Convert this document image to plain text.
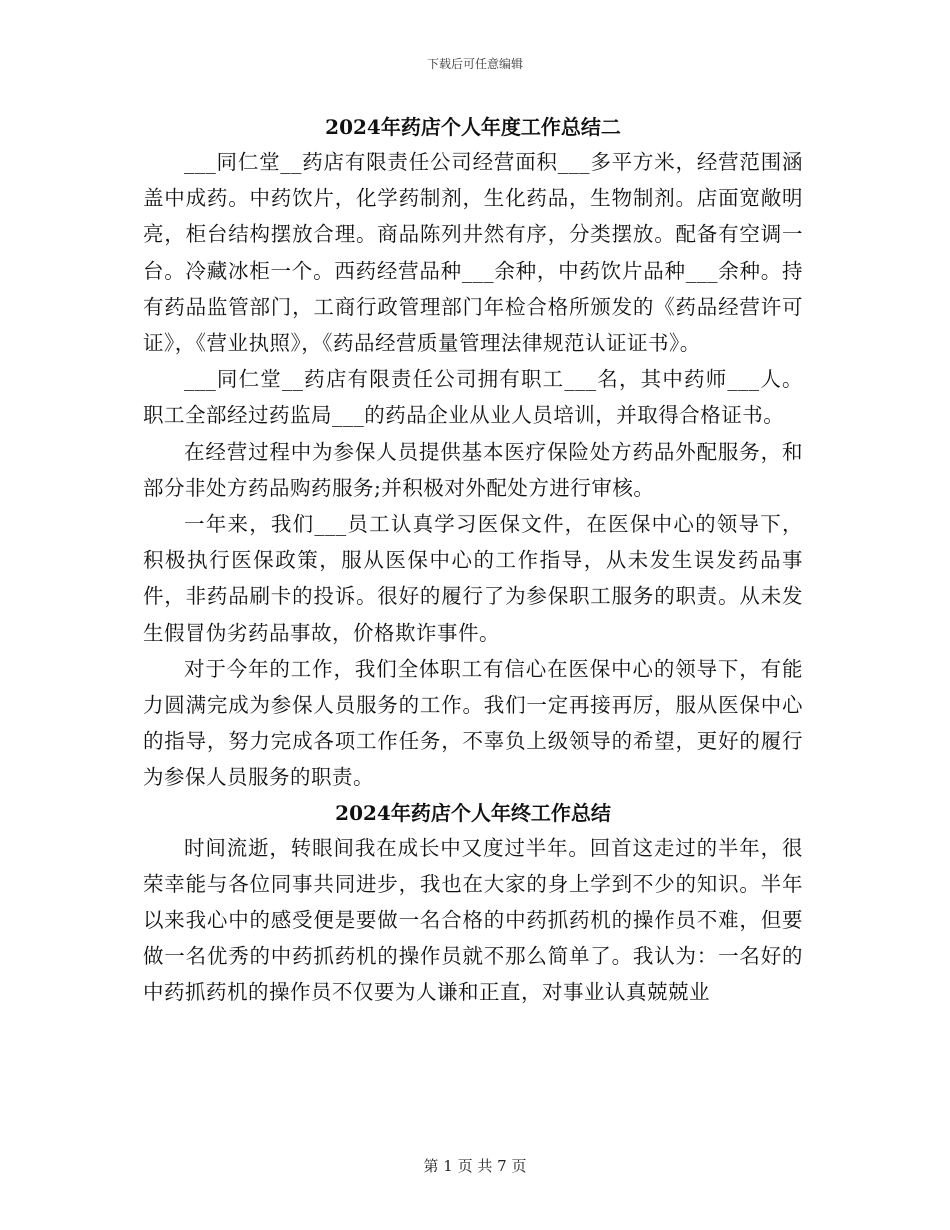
下载后可任意编辑
2024年药店个人年度工作总结二

___同仁堂__药店有限责任公司经营面积___多平方米，经营范围涵盖中成药。中药饮片，化学药制剂，生化药品，生物制剂。店面宽敞明亮，柜台结构摆放合理。商品陈列井然有序，分类摆放。配备有空调一台。冷藏冰柜一个。西药经营品种___余种，中药饮片品种___余种。持有药品监管部门，工商行政管理部门年检合格所颁发的《药品经营许可证》，《营业执照》，《药品经营质量管理法律规范认证证书》。

___同仁堂__药店有限责任公司拥有职工___名，其中药师___人。职工全部经过药监局___的药品企业从业人员培训，并取得合格证书。

在经营过程中为参保人员提供基本医疗保险处方药品外配服务，和部分非处方药品购药服务;并积极对外配处方进行审核。

一年来，我们___员工认真学习医保文件，在医保中心的领导下，积极执行医保政策，服从医保中心的工作指导，从未发生误发药品事件，非药品刷卡的投诉。很好的履行了为参保职工服务的职责。从未发生假冒伪劣药品事故，价格欺诈事件。

对于今年的工作，我们全体职工有信心在医保中心的领导下，有能力圆满完成为参保人员服务的工作。我们一定再接再厉，服从医保中心的指导，努力完成各项工作任务，不辜负上级领导的希望，更好的履行为参保人员服务的职责。

2024年药店个人年终工作总结

时间流逝，转眼间我在成长中又度过半年。回首这走过的半年，很荣幸能与各位同事共同进步，我也在大家的身上学到不少的知识。半年以来我心中的感受便是要做一名合格的中药抓药机的操作员不难，但要做一名优秀的中药抓药机的操作员就不那么简单了。我认为：一名好的中药抓药机的操作员不仅要为人谦和正直，对事业认真兢兢业

第 1 页 共 7 页
